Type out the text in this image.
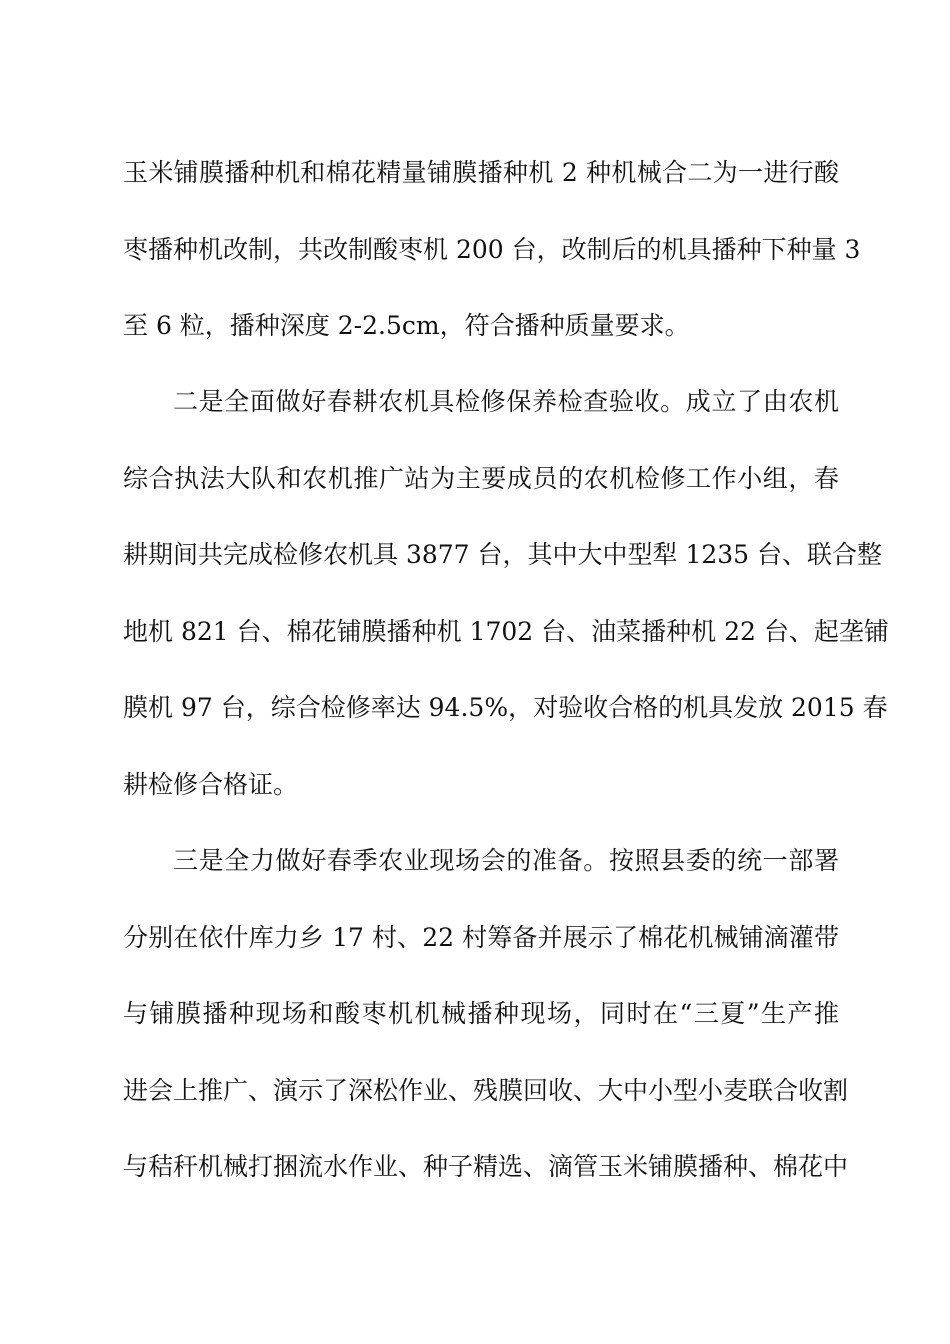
玉米铺膜播种机和棉花精量铺膜播种机 2 种机械合二为一进行酸
枣播种机改制，共改制酸枣机 200 台，改制后的机具播种下种量 3
至 6 粒，播种深度 2-2.5cm，符合播种质量要求。
二是全面做好春耕农机具检修保养检查验收。成立了由农机
综合执法大队和农机推广站为主要成员的农机检修工作小组，春
耕期间共完成检修农机具 3877 台，其中大中型犁 1235 台、联合整
地机 821 台、棉花铺膜播种机 1702 台、油菜播种机 22 台、起垄铺
膜机 97 台，综合检修率达 94.5%，对验收合格的机具发放 2015 春
耕检修合格证。
三是全力做好春季农业现场会的准备。按照县委的统一部署
分别在依什库力乡 17 村、22 村筹备并展示了棉花机械铺滴灌带
与铺膜播种现场和酸枣机机械播种现场，同时在“三夏”生产推
进会上推广、演示了深松作业、残膜回收、大中小型小麦联合收割
与秸秆机械打捆流水作业、种子精选、滴管玉米铺膜播种、棉花中
